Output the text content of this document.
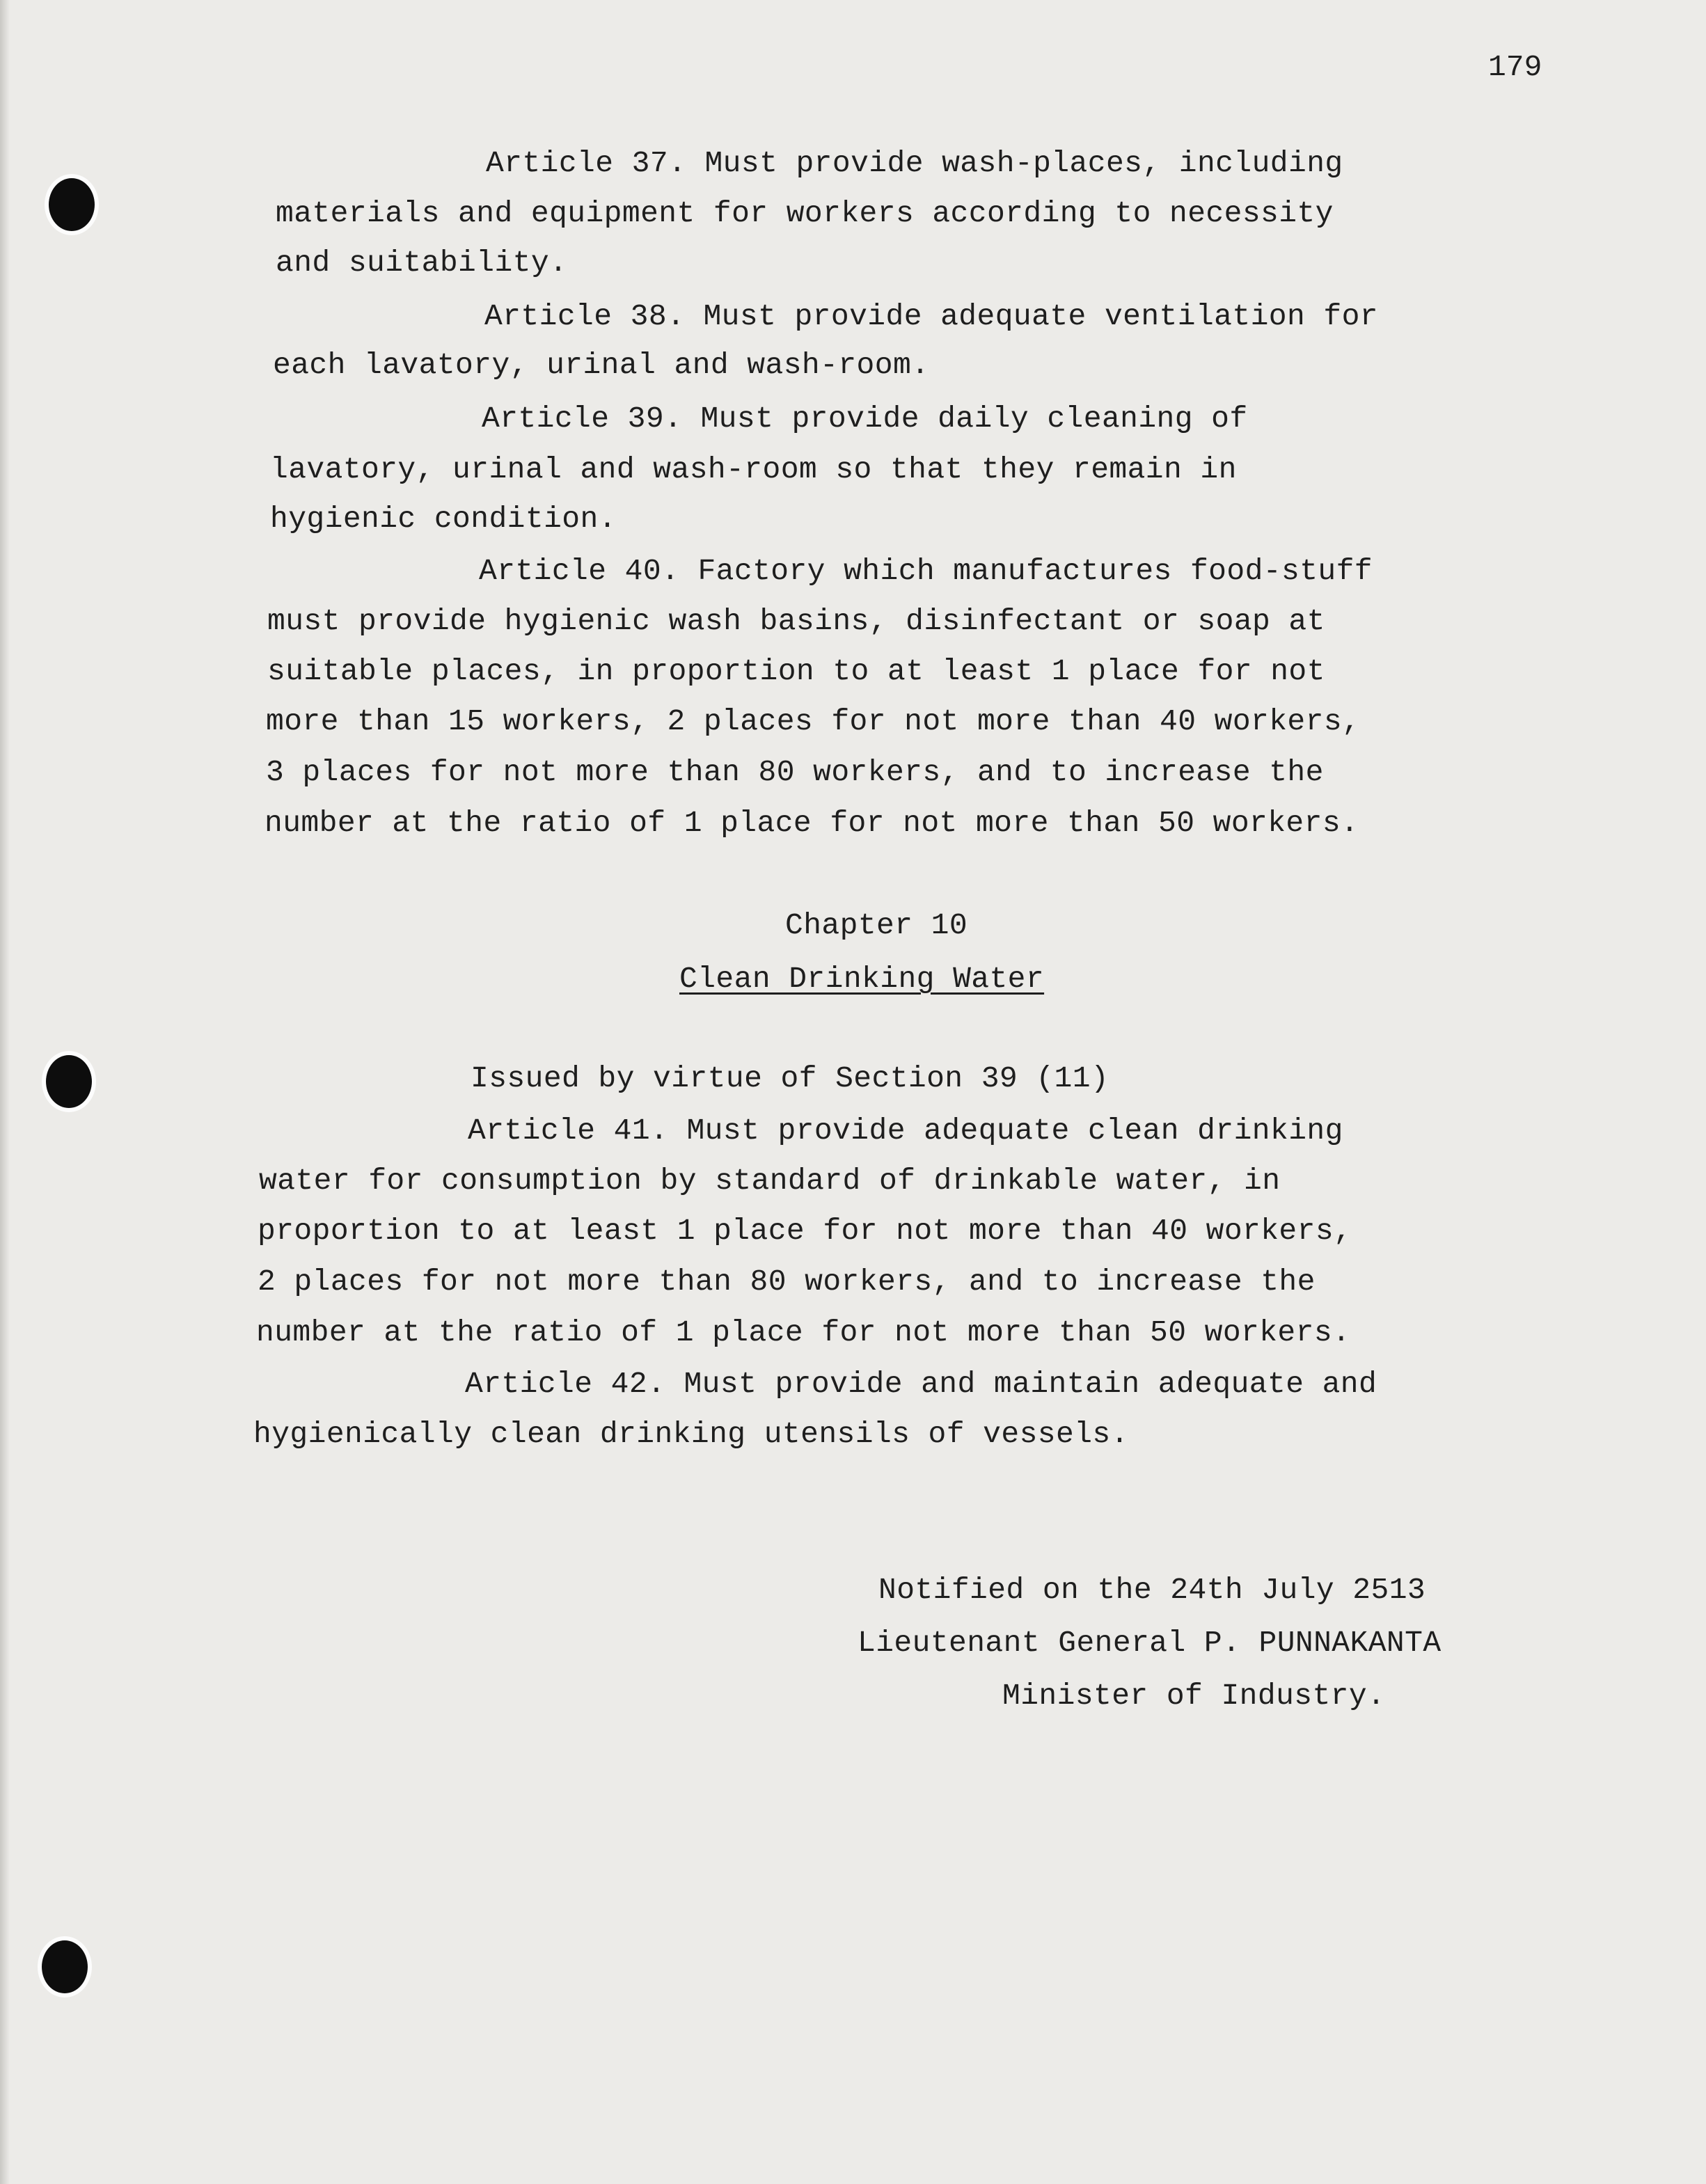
179
Article 37. Must provide wash-places, including
materials and equipment for workers according to necessity
and suitability.
Article 38. Must provide adequate ventilation for
each lavatory, urinal and wash-room.
Article 39. Must provide daily cleaning of
lavatory, urinal and wash-room so that they remain in
hygienic condition.
Article 40. Factory which manufactures food-stuff
must provide hygienic wash basins, disinfectant or soap at
suitable places, in proportion to at least 1 place for not
more than 15 workers, 2 places for not more than 40 workers,
3 places for not more than 80 workers, and to increase the
number at the ratio of 1 place for not more than 50 workers.
Chapter 10
Clean Drinking Water
Issued by virtue of Section 39 (11)
Article 41. Must provide adequate clean drinking
water for consumption by standard of drinkable water, in
proportion to at least 1 place for not more than 40 workers,
2 places for not more than 80 workers, and to increase the
number at the ratio of 1 place for not more than 50 workers.
Article 42. Must provide and maintain adequate and
hygienically clean drinking utensils of vessels.
Notified on the 24th July 2513
Lieutenant General P. PUNNAKANTA
Minister of Industry.
